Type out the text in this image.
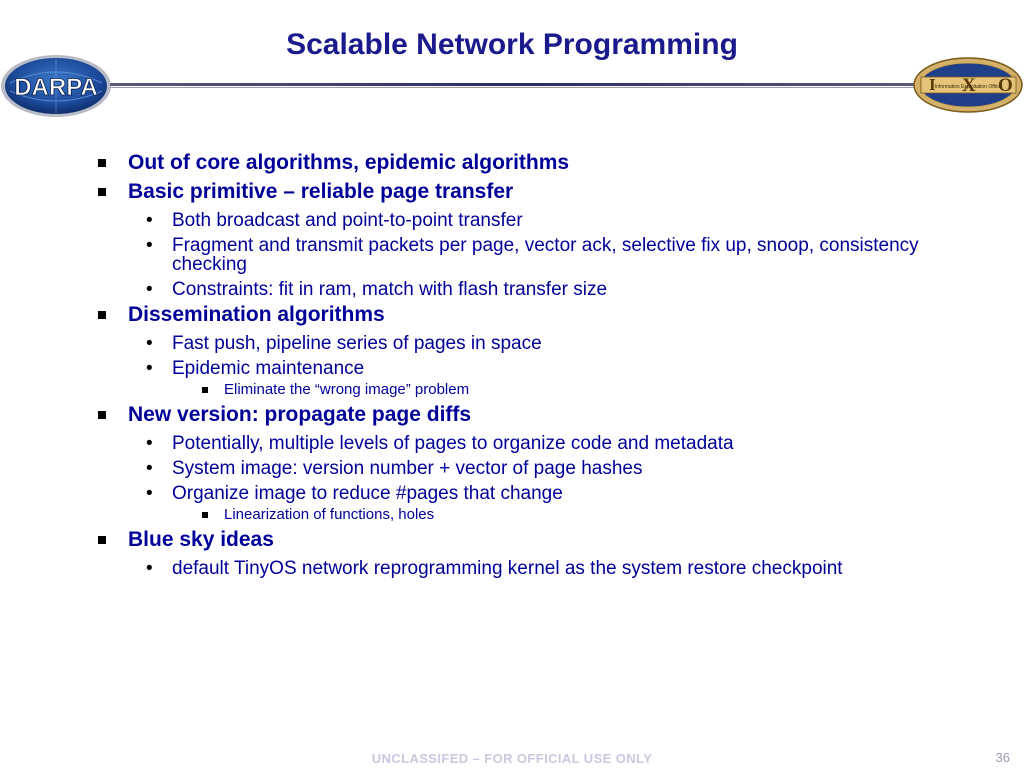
DARPA
Scalable Network Programming
I X O
Information Exploitation Office
Out of core algorithms, epidemic algorithms
Basic primitive – reliable page transfer
• Both broadcast and point-to-point transfer
• Fragment and transmit packets per page, vector ack, selective fix up, snoop, consistency checking
• Constraints: fit in ram, match with flash transfer size
Dissemination algorithms
• Fast push, pipeline series of pages in space
• Epidemic maintenance
Eliminate the “wrong image” problem
New version: propagate page diffs
• Potentially, multiple levels of pages to organize code and metadata
• System image: version number + vector of page hashes
• Organize image to reduce #pages that change
Linearization of functions, holes
Blue sky ideas
• default TinyOS network reprogramming kernel as the system restore checkpoint
UNCLASSIFED – FOR OFFICIAL USE ONLY	36
